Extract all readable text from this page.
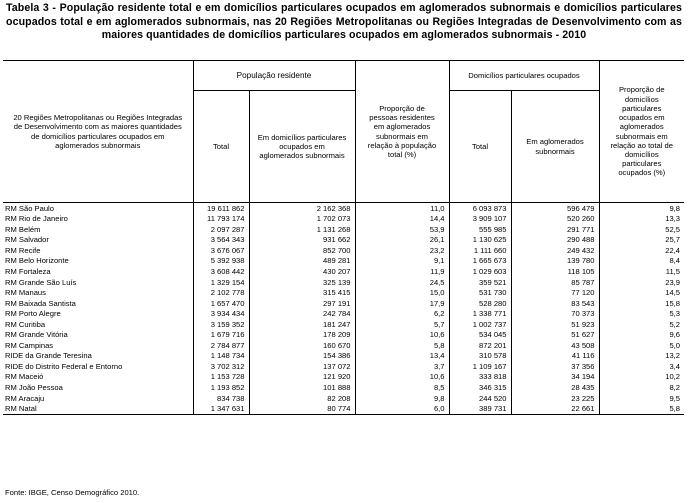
Tabela 3 - População residente total e em domicílios particulares ocupados em aglomerados subnormais e domicílios particulares ocupados total e em aglomerados subnormais, nas 20 Regiões Metropolitanas ou Regiões Integradas de Desenvolvimento com as maiores quantidades de domicílios particulares ocupados em aglomerados subnormais - 2010
20 Regiões Metropolitanas ou Regiões Integradas de Desenvolvimento com as maiores quantidades de domicílios particulares ocupados em aglomerados subnormais	População residente		Proporção de pessoas residentes em aglomerados subnormais em relação à população total (%)	Domicílios particulares ocupados		Proporção de domicílios particulares ocupados em aglomerados subnormais em relação ao total de domicílios particulares ocupados (%)
	Total	Em domicílios particulares ocupados em aglomerados subnormais		Total	Em aglomerados subnormais	
RM São Paulo	19 611 862	2 162 368	11,0	6 093 873	596 479	9,8
RM Rio de Janeiro	11 793 174	1 702 073	14,4	3 909 107	520 260	13,3
RM Belém	2 097 287	1 131 268	53,9	555 985	291 771	52,5
RM Salvador	3 564 343	931 662	26,1	1 130 625	290 488	25,7
RM Recife	3 676 067	852 700	23,2	1 111 660	249 432	22,4
RM Belo Horizonte	5 392 938	489 281	9,1	1 665 673	139 780	8,4
RM Fortaleza	3 608 442	430 207	11,9	1 029 603	118 105	11,5
RM Grande São Luís	1 329 154	325 139	24,5	359 521	85 787	23,9
RM Manaus	2 102 778	315 415	15,0	531 730	77 120	14,5
RM Baixada Santista	1 657 470	297 191	17,9	528 280	83 543	15,8
RM Porto Alegre	3 934 434	242 784	6,2	1 338 771	70 373	5,3
RM Curitiba	3 159 352	181 247	5,7	1 002 737	51 923	5,2
RM Grande Vitória	1 679 716	178 209	10,6	534 045	51 627	9,6
RM Campinas	2 784 877	160 670	5,8	872 201	43 508	5,0
RIDE da Grande Teresina	1 148 734	154 386	13,4	310 578	41 116	13,2
RIDE do Distrito Federal e Entorno	3 702 312	137 072	3,7	1 109 167	37 356	3,4
RM Maceió	1 153 728	121 920	10,6	333 818	34 194	10,2
RM João Pessoa	1 193 852	101 888	8,5	346 315	28 435	8,2
RM Aracaju	834 738	82 208	9,8	244 520	23 225	9,5
RM Natal	1 347 631	80 774	6,0	389 731	22 661	5,8
Fonte: IBGE, Censo Demográfico 2010.
